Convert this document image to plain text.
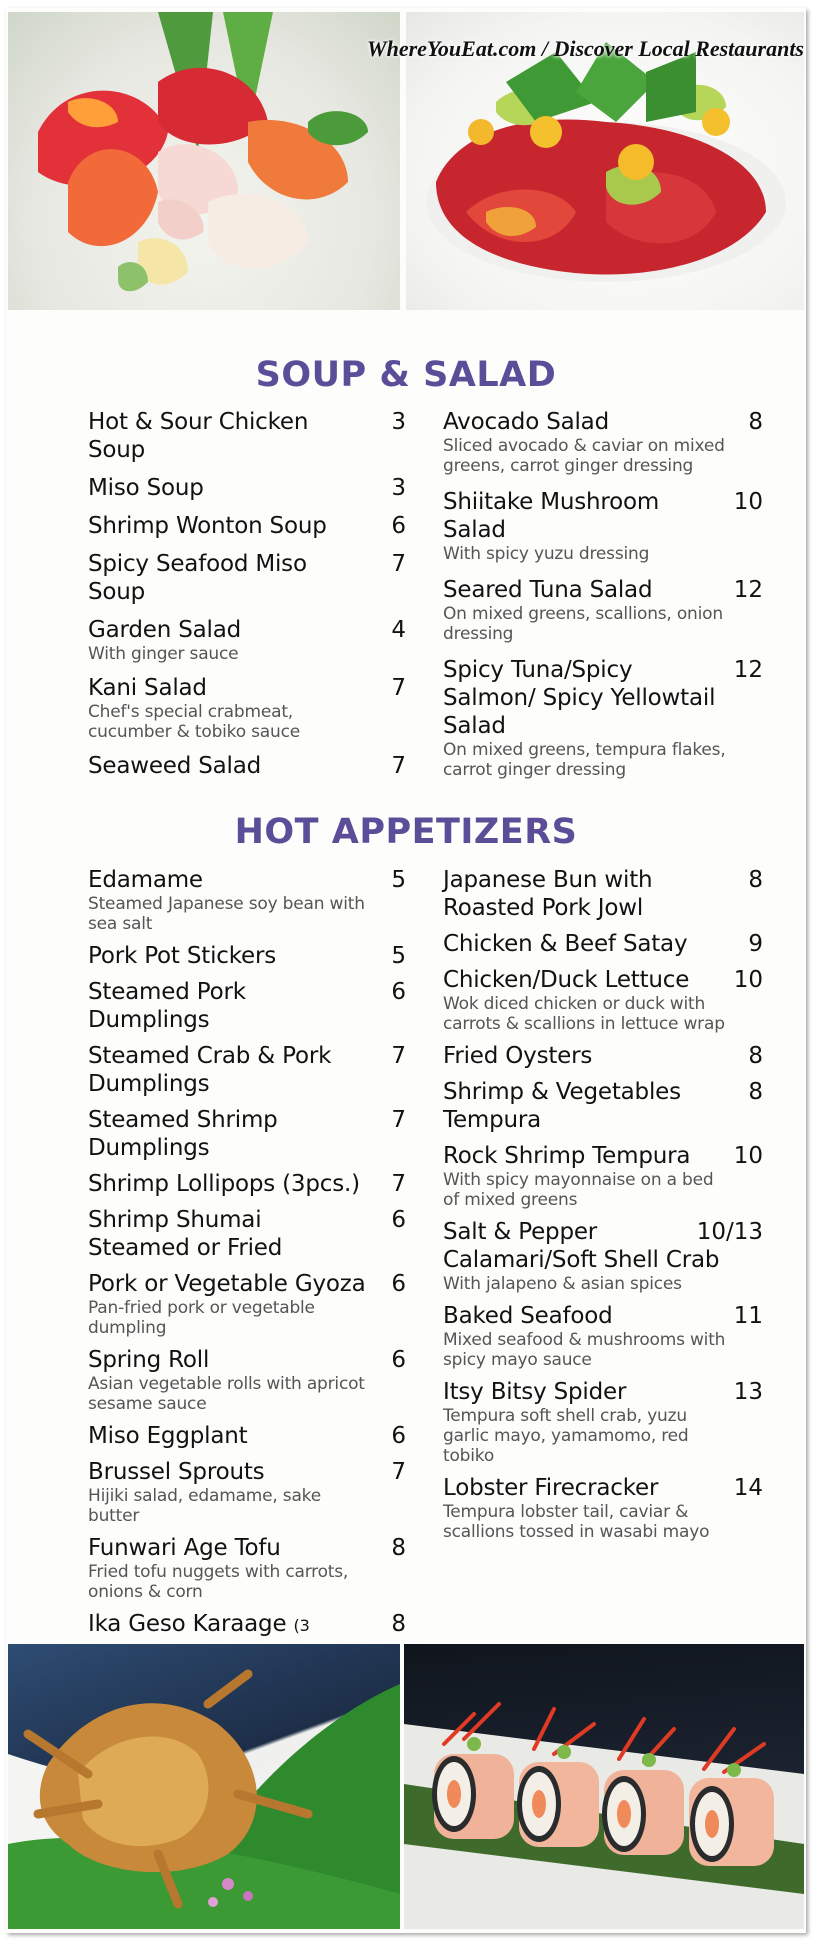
WhereYouEat.com / Discover Local Restaurants
SOUP & SALAD
Hot & Sour Chicken Soup
3
Miso Soup	3
Shrimp Wonton Soup	6
Spicy Seafood Miso Soup
7
Garden Salad	4
With ginger sauce
Kani Salad	7
Chef's special crabmeat, cucumber & tobiko sauce
Seaweed Salad	7
Avocado Salad	8
Sliced avocado & caviar on mixed greens, carrot ginger dressing
Shiitake Mushroom Salad
10
With spicy yuzu dressing
Seared Tuna Salad	12
On mixed greens, scallions, onion dressing
Spicy Tuna/Spicy Salmon/ Spicy Yellowtail Salad
12
On mixed greens, tempura flakes, carrot ginger dressing
HOT APPETIZERS
Edamame	5
Steamed Japanese soy bean with sea salt
Pork Pot Stickers	5
Steamed Pork Dumplings
6
Steamed Crab & Pork Dumplings
7
Steamed Shrimp Dumplings
7
Shrimp Lollipops (3pcs.)	7
Shrimp Shumai Steamed or Fried
6
Pork or Vegetable Gyoza	6
Pan-fried pork or vegetable dumpling
Spring Roll	6
Asian vegetable rolls with apricot sesame sauce
Miso Eggplant	6
Brussel Sprouts	7
Hijiki salad, edamame, sake butter
Funwari Age Tofu	8
Fried tofu nuggets with carrots, onions & corn
Ika Geso Karaage (3	8
Japanese Bun with Roasted Pork Jowl
8
Chicken & Beef Satay	9
Chicken/Duck Lettuce	10
Wok diced chicken or duck with carrots & scallions in lettuce wrap
Fried Oysters	8
Shrimp & Vegetables Tempura
8
Rock Shrimp Tempura	10
With spicy mayonnaise on a bed of mixed greens
Salt & Pepper Calamari/Soft Shell Crab
10/13
With jalapeno & asian spices
Baked Seafood	11
Mixed seafood & mushrooms with spicy mayo sauce
Itsy Bitsy Spider	13
Tempura soft shell crab, yuzu garlic mayo, yamamomo, red tobiko
Lobster Firecracker	14
Tempura lobster tail, caviar & scallions tossed in wasabi mayo
